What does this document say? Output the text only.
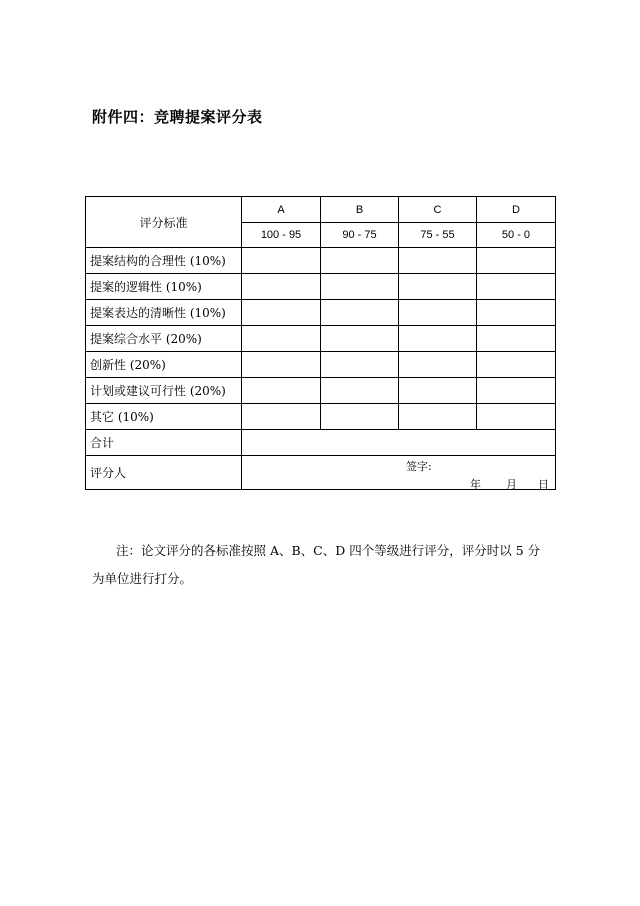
附件四：竞聘提案评分表
评分标准	A	B	C	D
	100 - 95	90 - 75	75 - 55	50 - 0
提案结构的合理性 (10%)				
提案的逻辑性 (10%)				
提案表达的清晰性 (10%)				
提案综合水平 (20%)				
创新性 (20%)				
计划或建议可行性 (20%)				
其它 (10%)				
合计				
评分人	签字:
年 月 日			
注：论文评分的各标准按照 A、B、C、D 四个等级进行评分，评分时以 5 分
为单位进行打分。
